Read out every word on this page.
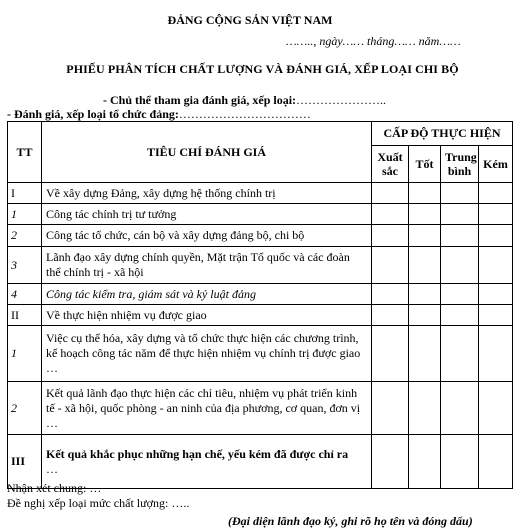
ĐẢNG CỘNG SẢN VIỆT NAM
…….., ngày…… tháng…… năm……
PHIẾU PHÂN TÍCH CHẤT LƯỢNG VÀ ĐÁNH GIÁ, XẾP LOẠI CHI BỘ
- Chủ thể tham gia đánh giá, xếp loại:…………………..
- Đánh giá, xếp loại tổ chức đảng:……………………………
TT	TIÊU CHÍ ĐÁNH GIÁ	CẤP ĐỘ THỰC HIỆN			
		Xuất sắc	Tốt	Trung bình	Kém
I	Về xây dựng Đảng, xây dựng hệ thống chính trị				
1	Công tác chính trị tư tưởng				
2	Công tác tổ chức, cán bộ và xây dựng đảng bộ, chi bộ				
3	Lãnh đạo xây dựng chính quyền, Mặt trận Tổ quốc và các đoàn thể chính trị - xã hội				
4	Công tác kiểm tra, giám sát và kỷ luật đảng				
II	Về thực hiện nhiệm vụ được giao				
1	Việc cụ thể hóa, xây dựng và tổ chức thực hiện các chương trình, kế hoạch công tác năm để thực hiện nhiệm vụ chính trị được giao …				
2	Kết quả lãnh đạo thực hiện các chỉ tiêu, nhiệm vụ phát triển kinh tế - xã hội, quốc phòng - an ninh của địa phương, cơ quan, đơn vị …				
III	Kết quả khắc phục những hạn chế, yếu kém đã được chỉ ra
…				

Nhận xét chung: …
Đề nghị xếp loại mức chất lượng: …..
(Đại diện lãnh đạo ký, ghi rõ họ tên và đóng dấu)
